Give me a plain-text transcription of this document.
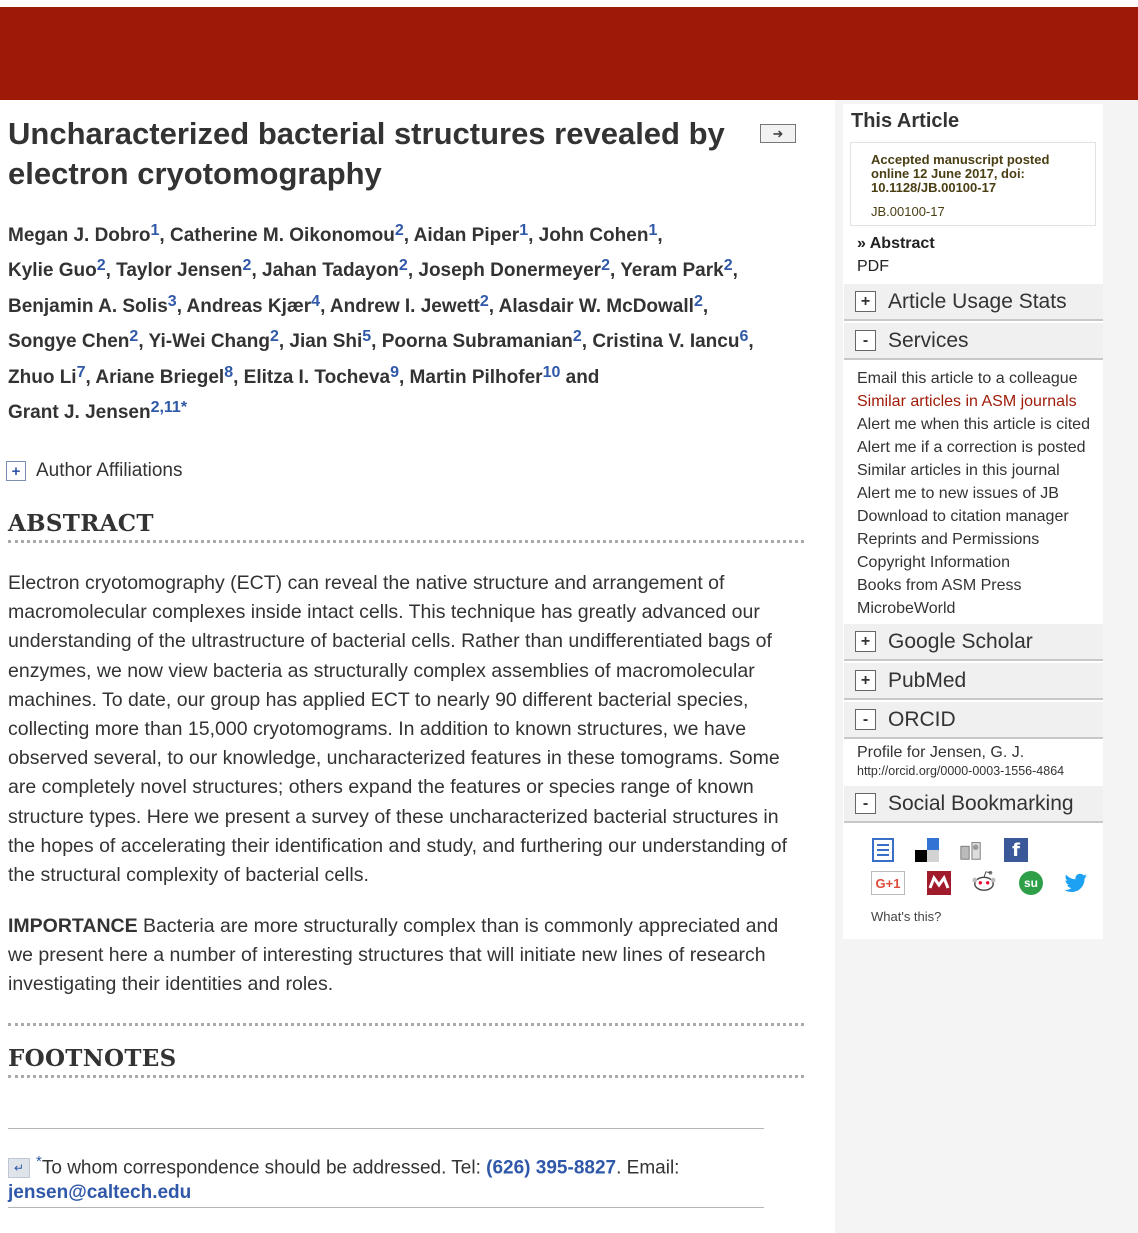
Uncharacterized bacterial structures revealed by electron cryotomography
➜
Megan J. Dobro$^1$, Catherine M. Oikonomou$^2$, Aidan Piper$^1$, John Cohen$^1$,
Kylie Guo$^2$, Taylor Jensen$^2$, Jahan Tadayon$^2$, Joseph Donermeyer$^2$, Yeram Park$^2$,
Benjamin A. Solis$^3$, Andreas Kjær$^4$, Andrew I. Jewett$^2$, Alasdair W. McDowall$^2$,
Songye Chen$^2$, Yi-Wei Chang$^2$, Jian Shi$^5$, Poorna Subramanian$^2$, Cristina V. Iancu$^6$,
Zhuo Li$^7$, Ariane Briegel$^8$, Elitza I. Tocheva$^9$, Martin Pilhofer$^{10}$ and
Grant J. Jensen$^{2,11*}$
+ Author Affiliations
ABSTRACT

Electron cryotomography (ECT) can reveal the native structure and arrangement of macromolecular complexes inside intact cells. This technique has greatly advanced our understanding of the ultrastructure of bacterial cells. Rather than undifferentiated bags of enzymes, we now view bacteria as structurally complex assemblies of macromolecular machines. To date, our group has applied ECT to nearly 90 different bacterial species, collecting more than 15,000 cryotomograms. In addition to known structures, we have observed several, to our knowledge, uncharacterized features in these tomograms. Some are completely novel structures; others expand the features or species range of known structure types. Here we present a survey of these uncharacterized bacterial structures in the hopes of accelerating their identification and study, and furthering our understanding of the structural complexity of bacterial cells.

IMPORTANCE Bacteria are more structurally complex than is commonly appreciated and we present here a number of interesting structures that will initiate new lines of research investigating their identities and roles.

FOOTNOTES
↵ *To whom correspondence should be addressed. Tel: (626) 395-8827. Email:
jensen@caltech.edu
This Article
Accepted manuscript posted online 12 June 2017, doi: 10.1128/JB.00100-17
JB.00100-17
» Abstract
PDF
+ Article Usage Stats
- Services
Email this article to a colleague
Similar articles in ASM journals
Alert me when this article is cited
Alert me if a correction is posted
Similar articles in this journal
Alert me to new issues of JB
Download to citation manager
Reprints and Permissions
Copyright Information
Books from ASM Press
MicrobeWorld
+ Google Scholar
+ PubMed
- ORCID
Profile for Jensen, G. J.
http://orcid.org/0000-0003-1556-4864
- Social Bookmarking
f
G+1	su
What's this?
